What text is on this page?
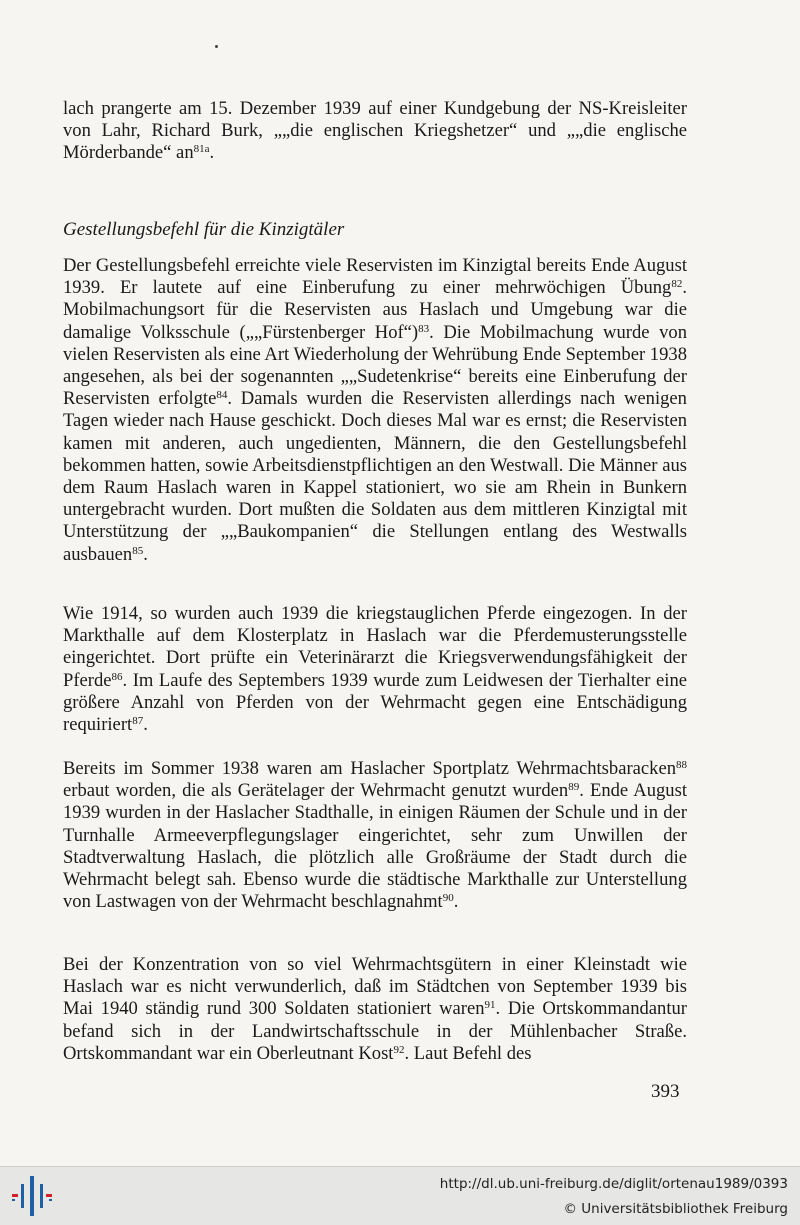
lach prangerte am 15. Dezember 1939 auf einer Kundgebung der NS-Kreisleiter von Lahr, Richard Burk, „„die englischen Kriegshetzer“ und „„die englische Mörderbande“ $an^{81a}$.

Gestellungsbefehl für die Kinzigtäler

Der Gestellungsbefehl erreichte viele Reservisten im Kinzigtal bereits Ende August 1939. Er lautete auf eine Einberufung zu einer mehrwöchigen Übung$^{82}$. Mobilmachungsort für die Reservisten aus Haslach und Umgebung war die damalige Volksschule („„Fürstenberger Hof“)$^{83}$. Die Mobilmachung wurde von vielen Reservisten als eine Art Wiederholung der Wehrübung Ende September 1938 angesehen, als bei der sogenannten „„Sudetenkrise“ bereits eine Einberufung der Reservisten erfolgte$^{84}$. Damals wurden die Reservisten allerdings nach wenigen Tagen wieder nach Hause geschickt. Doch dieses Mal war es ernst; die Reservisten kamen mit anderen, auch ungedienten, Männern, die den Gestellungsbefehl bekommen hatten, sowie Arbeitsdienstpflichtigen an den Westwall. Die Männer aus dem Raum Haslach waren in Kappel stationiert, wo sie am Rhein in Bunkern untergebracht wurden. Dort mußten die Soldaten aus dem mittleren Kinzigtal mit Unterstützung der „„Baukompanien“ die Stellungen entlang des Westwalls ausbauen$^{85}$.

Wie 1914, so wurden auch 1939 die kriegstauglichen Pferde eingezogen. In der Markthalle auf dem Klosterplatz in Haslach war die Pferdemusterungsstelle eingerichtet. Dort prüfte ein Veterinärarzt die Kriegsverwendungsfähigkeit der Pferde$^{86}$. Im Laufe des Septembers 1939 wurde zum Leidwesen der Tierhalter eine größere Anzahl von Pferden von der Wehrmacht gegen eine Entschädigung requiriert$^{87}$.

Bereits im Sommer 1938 waren am Haslacher Sportplatz Wehrmachtsbaracken$^{88}$ erbaut worden, die als Gerätelager der Wehrmacht genutzt wurden$^{89}$. Ende August 1939 wurden in der Haslacher Stadthalle, in einigen Räumen der Schule und in der Turnhalle Armeeverpflegungslager eingerichtet, sehr zum Unwillen der Stadtverwaltung Haslach, die plötzlich alle Großräume der Stadt durch die Wehrmacht belegt sah. Ebenso wurde die städtische Markthalle zur Unterstellung von Lastwagen von der Wehrmacht beschlagnahmt$^{90}$.

Bei der Konzentration von so viel Wehrmachtsgütern in einer Kleinstadt wie Haslach war es nicht verwunderlich, daß im Städtchen von September 1939 bis Mai 1940 ständig rund 300 Soldaten stationiert waren$^{91}$. Die Ortskommandantur befand sich in der Landwirtschaftsschule in der Mühlenbacher Straße. Ortskommandant war ein Oberleutnant Kost$^{92}$. Laut Befehl des

393
http://dl.ub.uni-freiburg.de/diglit/ortenau1989/0393
© Universitätsbibliothek Freiburg
